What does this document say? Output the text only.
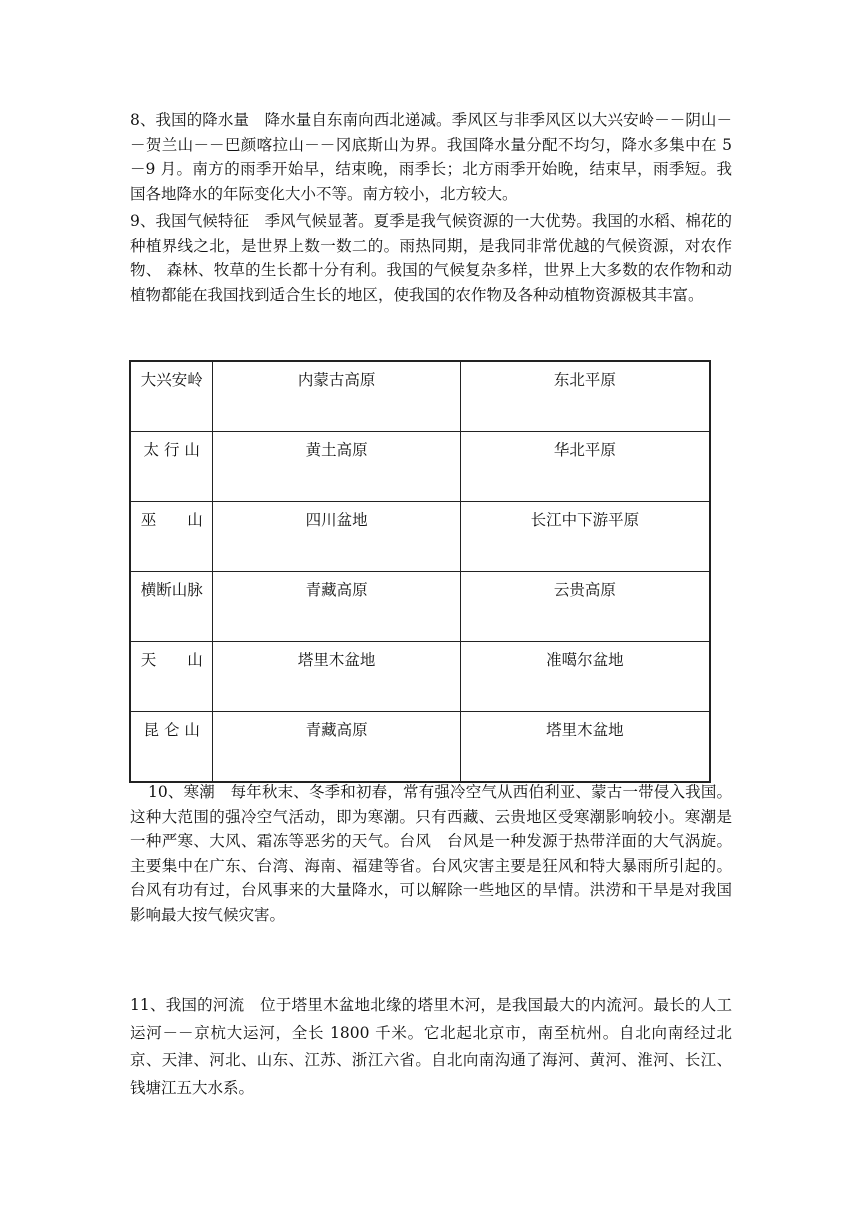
8、我国的降水量　降水量自东南向西北递减。季风区与非季风区以大兴安岭－－阴山－－贺兰山－－巴颜喀拉山－－冈底斯山为界。我国降水量分配不均匀，降水多集中在 5－9 月。南方的雨季开始早，结束晚，雨季长；北方雨季开始晚，结束早，雨季短。我国各地降水的年际变化大小不等。南方较小，北方较大。

9、我国气候特征　季风气候显著。夏季是我气候资源的一大优势。我国的水稻、棉花的种植界线之北，是世界上数一数二的。雨热同期，是我同非常优越的气候资源，对农作物、 森林、牧草的生长都十分有利。我国的气候复杂多样，世界上大多数的农作物和动植物都能在我国找到适合生长的地区，使我国的农作物及各种动植物资源极其丰富。

大兴安岭	内蒙古高原	东北平原
太 行 山	黄土高原	华北平原
巫　　山	四川盆地	长江中下游平原
横断山脉	青藏高原	云贵高原
天　　山	塔里木盆地	准噶尔盆地
昆 仑 山	青藏高原	塔里木盆地

10、寒潮　每年秋末、冬季和初春，常有强冷空气从西伯利亚、蒙古一带侵入我国。这种大范围的强冷空气活动，即为寒潮。只有西藏、云贵地区受寒潮影响较小。寒潮是一种严寒、大风、霜冻等恶劣的天气。台风　台风是一种发源于热带洋面的大气涡旋。主要集中在广东、台湾、海南、福建等省。台风灾害主要是狂风和特大暴雨所引起的。台风有功有过，台风事来的大量降水，可以解除一些地区的旱情。洪涝和干旱是对我国影响最大按气候灾害。

11、我国的河流　位于塔里木盆地北缘的塔里木河，是我国最大的内流河。最长的人工运河－－京杭大运河，全长 1800 千米。它北起北京市，南至杭州。自北向南经过北京、天津、河北、山东、江苏、浙江六省。自北向南沟通了海河、黄河、淮河、长江、钱塘江五大水系。
